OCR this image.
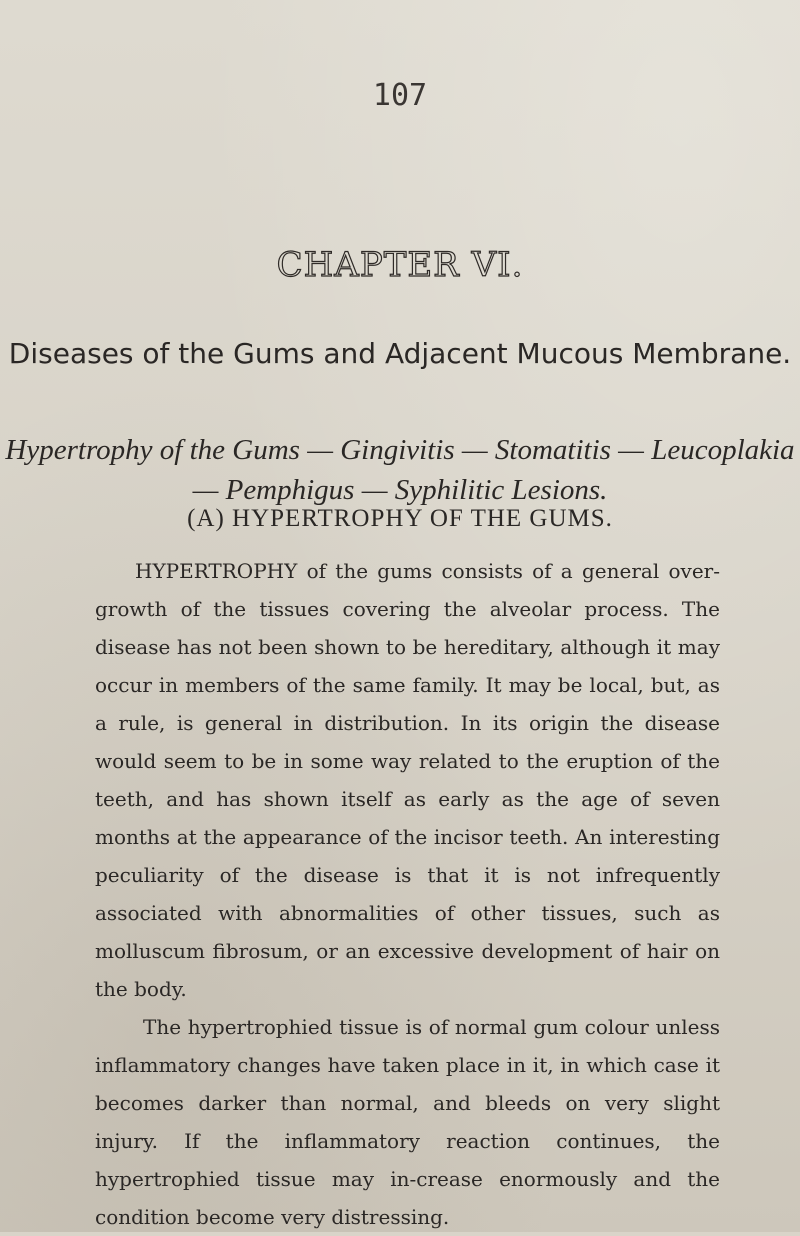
107
CHAPTER VI.
Diseases of the Gums and Adjacent Mucous Membrane.
Hypertrophy of the Gums — Gingivitis — Stomatitis — Leucoplakia — Pemphigus — Syphilitic Lesions.
(A) HYPERTROPHY OF THE GUMS.

HYPERTROPHY of the gums consists of a general over-growth of the tissues covering the alveolar process. The disease has not been shown to be hereditary, although it may occur in members of the same family. It may be local, but, as a rule, is general in distribution. In its origin the disease would seem to be in some way related to the eruption of the teeth, and has shown itself as early as the age of seven months at the appearance of the incisor teeth. An interesting peculiarity of the disease is that it is not infrequently associated with abnormalities of other tissues, such as molluscum fibrosum, or an excessive development of hair on the body.

The hypertrophied tissue is of normal gum colour unless inflammatory changes have taken place in it, in which case it becomes darker than normal, and bleeds on very slight injury. If the inflammatory reaction continues, the hypertrophied tissue may in-crease enormously and the condition become very distressing.
